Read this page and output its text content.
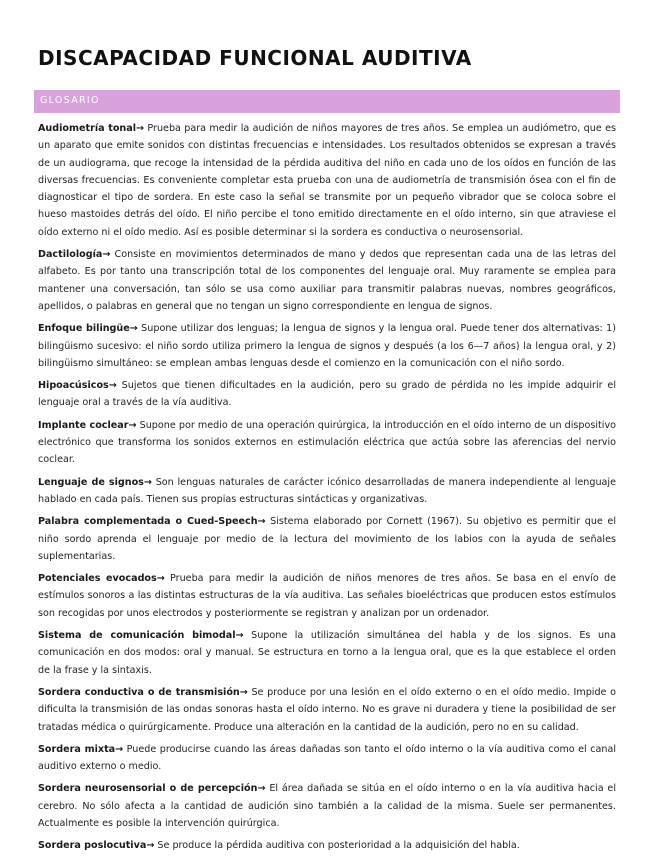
DISCAPACIDAD FUNCIONAL AUDITIVA
GLOSARIO

Audiometría tonal→ Prueba para medir la audición de niños mayores de tres años. Se emplea un audiómetro, que es un aparato que emite sonidos con distintas frecuencias e intensidades. Los resultados obtenidos se expresan a través de un audiograma, que recoge la intensidad de la pérdida auditiva del niño en cada uno de los oídos en función de las diversas frecuencias. Es conveniente completar esta prueba con una de audiometría de transmisión ósea con el fin de diagnosticar el tipo de sordera. En este caso la señal se transmite por un pequeño vibrador que se coloca sobre el hueso mastoides detrás del oído. El niño percibe el tono emitido directamente en el oído interno, sin que atraviese el oído externo ni el oído medio. Así es posible determinar si la sordera es conductiva o neurosensorial.

Dactilología→ Consiste en movimientos determinados de mano y dedos que representan cada una de las letras del alfabeto. Es por tanto una transcripción total de los componentes del lenguaje oral. Muy raramente se emplea para mantener una conversación, tan sólo se usa como auxiliar para transmitir palabras nuevas, nombres geográficos, apellidos, o palabras en general que no tengan un signo correspondiente en lengua de signos.

Enfoque bilingüe→ Supone utilizar dos lenguas; la lengua de signos y la lengua oral. Puede tener dos alternativas: 1) bilingüismo sucesivo: el niño sordo utiliza primero la lengua de signos y después (a los 6—7 años) la lengua oral, y 2) bilingüismo simultáneo: se emplean ambas lenguas desde el comienzo en la comunicación con el niño sordo.

Hipoacúsicos→ Sujetos que tienen dificultades en la audición, pero su grado de pérdida no les impide adquirir el lenguaje oral a través de la vía auditiva.

Implante coclear→ Supone por medio de una operación quirúrgica, la introducción en el oído interno de un dispositivo electrónico que transforma los sonidos externos en estimulación eléctrica que actúa sobre las aferencias del nervio coclear.

Lenguaje de signos→ Son lenguas naturales de carácter icónico desarrolladas de manera independiente al lenguaje hablado en cada país. Tienen sus propias estructuras sintácticas y organizativas.

Palabra complementada o Cued-Speech→ Sistema elaborado por Cornett (1967). Su objetivo es permitir que el niño sordo aprenda el lenguaje por medio de la lectura del movimiento de los labios con la ayuda de señales suplementarias.

Potenciales evocados→ Prueba para medir la audición de niños menores de tres años. Se basa en el envío de estímulos sonoros a las distintas estructuras de la vía auditiva. Las señales bioeléctricas que producen estos estímulos son recogidas por unos electrodos y posteriormente se registran y analizan por un ordenador.

Sistema de comunicación bimodal→ Supone la utilización simultánea del habla y de los signos. Es una comunicación en dos modos: oral y manual. Se estructura en torno a la lengua oral, que es la que establece el orden de la frase y la sintaxis.

Sordera conductiva o de transmisión→ Se produce por una lesión en el oído externo o en el oído medio. Impide o dificulta la transmisión de las ondas sonoras hasta el oído interno. No es grave ni duradera y tiene la posibilidad de ser tratadas médica o quirúrgicamente. Produce una alteración en la cantidad de la audición, pero no en su calidad.

Sordera mixta→ Puede producirse cuando las áreas dañadas son tanto el oído interno o la vía auditiva como el canal auditivo externo o medio.

Sordera neurosensorial o de percepción→ El área dañada se sitúa en el oído interno o en la vía auditiva hacia el cerebro. No sólo afecta a la cantidad de audición sino también a la calidad de la misma. Suele ser permanentes. Actualmente es posible la intervención quirúrgica.

Sordera poslocutiva→ Se produce la pérdida auditiva con posterioridad a la adquisición del habla.
